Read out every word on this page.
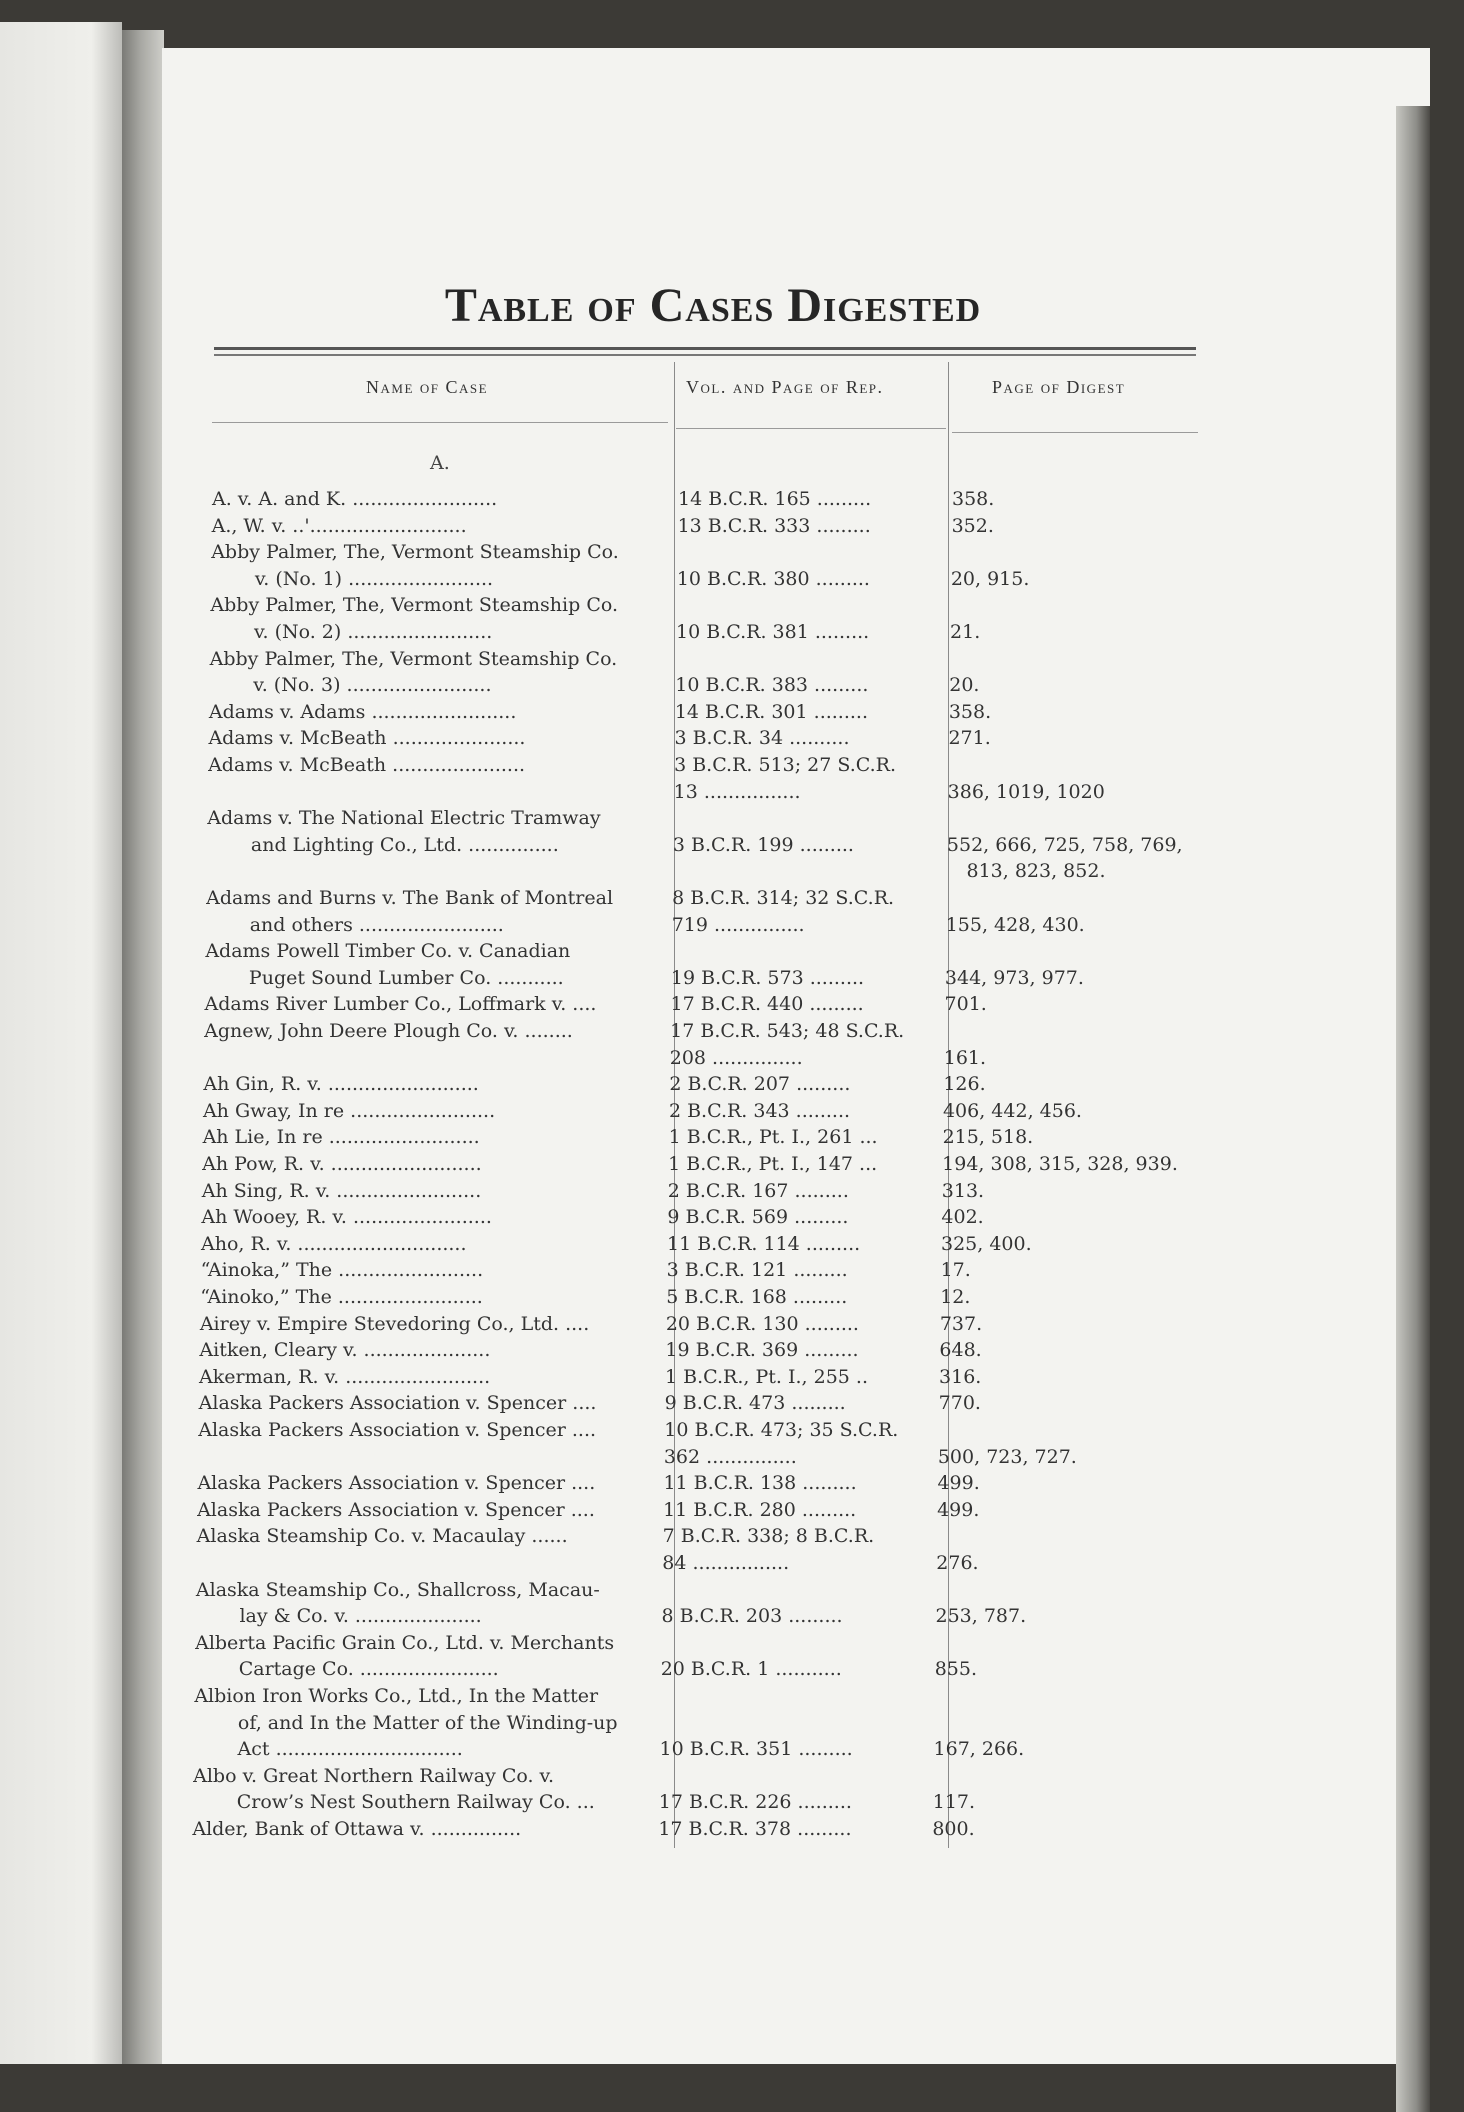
Table of Cases Digested
Name of Case	Vol. and Page of Rep.	Page of Digest
A.
A. v. A. and K. ........................	14 B.C.R. 165 .........	358.
A., W. v. ..'..........................	13 B.C.R. 333 .........	352.
Abby Palmer, The, Vermont Steamship Co.
v. (No. 1) ........................	10 B.C.R. 380 .........	20, 915.
Abby Palmer, The, Vermont Steamship Co.
v. (No. 2) ........................	10 B.C.R. 381 .........	21.
Abby Palmer, The, Vermont Steamship Co.
v. (No. 3) ........................	10 B.C.R. 383 .........	20.
Adams v. Adams ........................	14 B.C.R. 301 .........	358.
Adams v. McBeath ......................	3 B.C.R. 34 ..........	271.
Adams v. McBeath ......................	3 B.C.R. 513; 27 S.C.R.
13 ................	386, 1019, 1020
Adams v. The National Electric Tramway
and Lighting Co., Ltd. ...............	3 B.C.R. 199 .........	552, 666, 725, 758, 769,
813, 823, 852.
Adams and Burns v. The Bank of Montreal	8 B.C.R. 314; 32 S.C.R.
and others ........................	719 ...............	155, 428, 430.
Adams Powell Timber Co. v. Canadian
Puget Sound Lumber Co. ...........	19 B.C.R. 573 .........	344, 973, 977.
Adams River Lumber Co., Loffmark v. ....	17 B.C.R. 440 .........	701.
Agnew, John Deere Plough Co. v. ........	17 B.C.R. 543; 48 S.C.R.
208 ...............	161.
Ah Gin, R. v. .........................	2 B.C.R. 207 .........	126.
Ah Gway, In re ........................	2 B.C.R. 343 .........	406, 442, 456.
Ah Lie, In re .........................	1 B.C.R., Pt. I., 261 ...	215, 518.
Ah Pow, R. v. .........................	1 B.C.R., Pt. I., 147 ...	194, 308, 315, 328, 939.
Ah Sing, R. v. ........................	2 B.C.R. 167 .........	313.
Ah Wooey, R. v. .......................	9 B.C.R. 569 .........	402.
Aho, R. v. ............................	11 B.C.R. 114 .........	325, 400.
“Ainoka,” The ........................	3 B.C.R. 121 .........	17.
“Ainoko,” The ........................	5 B.C.R. 168 .........	12.
Airey v. Empire Stevedoring Co., Ltd. ....	20 B.C.R. 130 .........	737.
Aitken, Cleary v. .....................	19 B.C.R. 369 .........	648.
Akerman, R. v. ........................	1 B.C.R., Pt. I., 255 ..	316.
Alaska Packers Association v. Spencer ....	9 B.C.R. 473 .........	770.
Alaska Packers Association v. Spencer ....	10 B.C.R. 473; 35 S.C.R.
362 ...............	500, 723, 727.
Alaska Packers Association v. Spencer ....	11 B.C.R. 138 .........	499.
Alaska Packers Association v. Spencer ....	11 B.C.R. 280 .........	499.
Alaska Steamship Co. v. Macaulay ......	7 B.C.R. 338; 8 B.C.R.
84 ................	276.
Alaska Steamship Co., Shallcross, Macau-
lay & Co. v. .....................	8 B.C.R. 203 .........	253, 787.
Alberta Pacific Grain Co., Ltd. v. Merchants
Cartage Co. .......................	20 B.C.R. 1 ...........	855.
Albion Iron Works Co., Ltd., In the Matter
of, and In the Matter of the Winding-up
Act ...............................	10 B.C.R. 351 .........	167, 266.
Albo v. Great Northern Railway Co. v.
Crow’s Nest Southern Railway Co. ...	17 B.C.R. 226 .........	117.
Alder, Bank of Ottawa v. ...............	17 B.C.R. 378 .........	800.
